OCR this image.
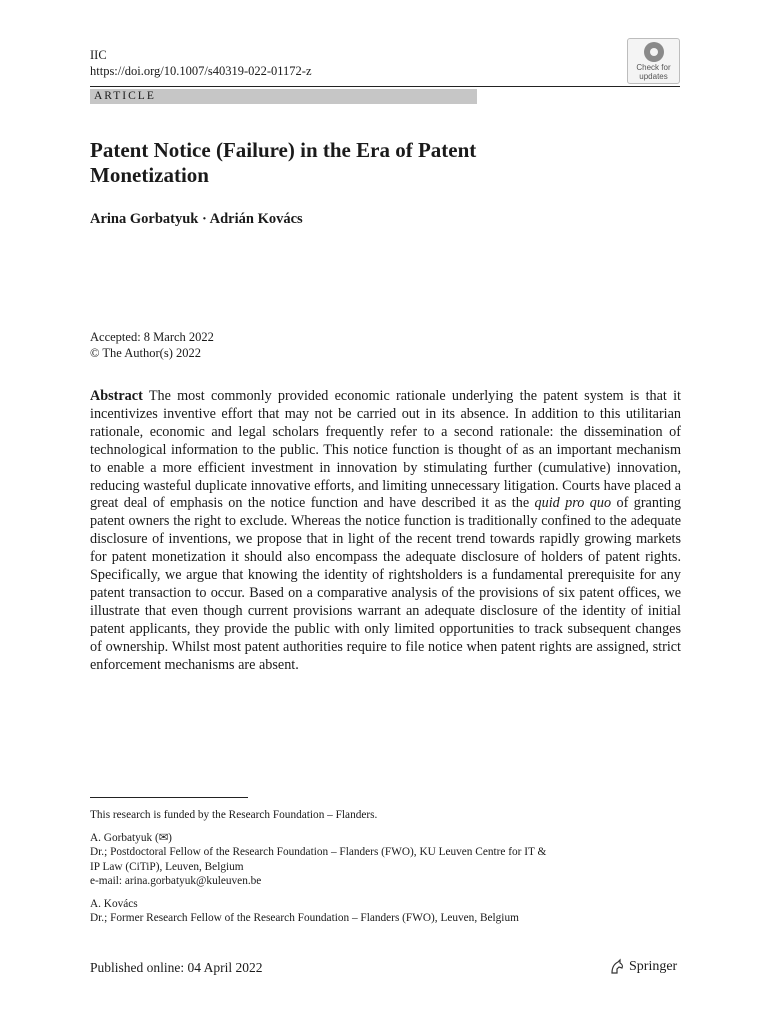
IIC
https://doi.org/10.1007/s40319-022-01172-z	Check for
updates
ARTICLE
Patent Notice (Failure) in the Era of Patent Monetization
Arina Gorbatyuk · Adrián Kovács
Accepted: 8 March 2022
© The Author(s) 2022
Abstract The most commonly provided economic rationale underlying the patent system is that it incentivizes inventive effort that may not be carried out in its absence. In addition to this utilitarian rationale, economic and legal scholars frequently refer to a second rationale: the dissemination of technological information to the public. This notice function is thought of as an important mechanism to enable a more efficient investment in innovation by stimulating further (cumulative) innovation, reducing wasteful duplicate innovative efforts, and limiting unnecessary litigation. Courts have placed a great deal of emphasis on the notice function and have described it as the quid pro quo of granting patent owners the right to exclude. Whereas the notice function is traditionally confined to the adequate disclosure of inventions, we propose that in light of the recent trend towards rapidly growing markets for patent monetization it should also encompass the adequate disclosure of holders of patent rights. Specifically, we argue that knowing the identity of rightsholders is a fundamental prerequisite for any patent transaction to occur. Based on a comparative analysis of the provisions of six patent offices, we illustrate that even though current provisions warrant an adequate disclosure of the identity of initial patent applicants, they provide the public with only limited opportunities to track subsequent changes of ownership. Whilst most patent authorities require to file notice when patent rights are assigned, strict enforcement mechanisms are absent.
This research is funded by the Research Foundation – Flanders.
A. Gorbatyuk (✉)
Dr.; Postdoctoral Fellow of the Research Foundation – Flanders (FWO), KU Leuven Centre for IT &
IP Law (CiTiP), Leuven, Belgium
e-mail: arina.gorbatyuk@kuleuven.be
A. Kovács
Dr.; Former Research Fellow of the Research Foundation – Flanders (FWO), Leuven, Belgium
Published online: 04 April 2022	Springer
